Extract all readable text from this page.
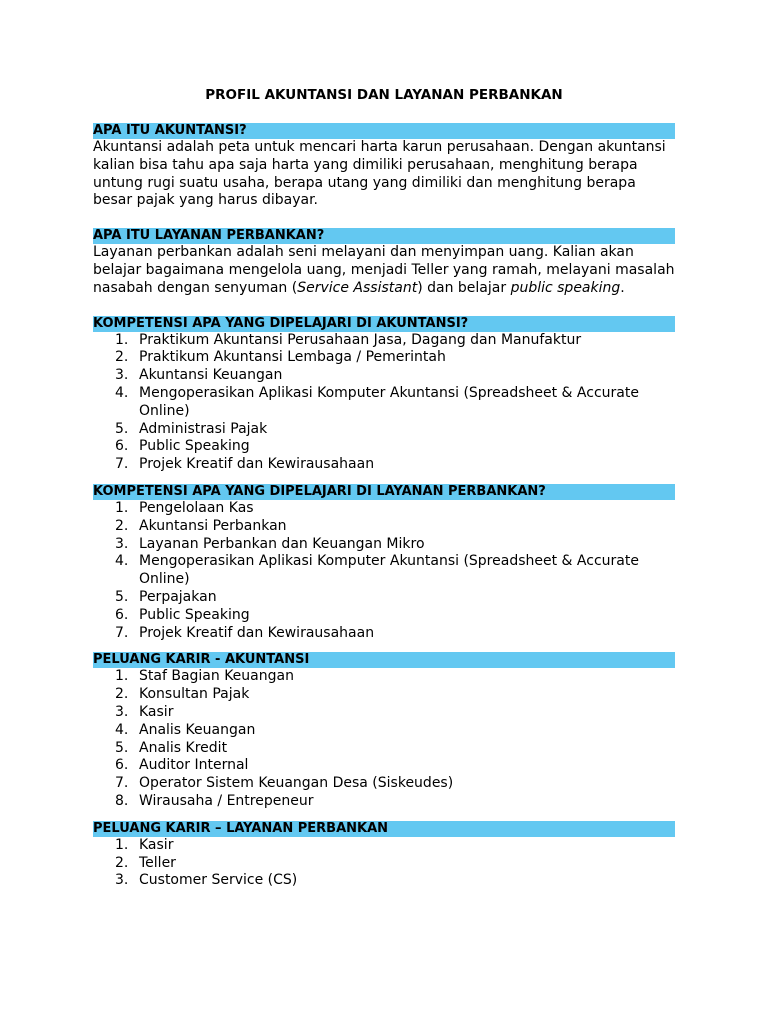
PROFIL AKUNTANSI DAN LAYANAN PERBANKAN
APA ITU AKUNTANSI?

Akuntansi adalah peta untuk mencari harta karun perusahaan. Dengan akuntansi kalian bisa tahu apa saja harta yang dimiliki perusahaan, menghitung berapa untung rugi suatu usaha, berapa utang yang dimiliki dan menghitung berapa besar pajak yang harus dibayar.

APA ITU LAYANAN PERBANKAN?

Layanan perbankan adalah seni melayani dan menyimpan uang. Kalian akan belajar bagaimana mengelola uang, menjadi Teller yang ramah, melayani masalah nasabah dengan senyuman (Service Assistant) dan belajar public speaking.

KOMPETENSI APA YANG DIPELAJARI DI AKUNTANSI?
1. Praktikum Akuntansi Perusahaan Jasa, Dagang dan Manufaktur
2. Praktikum Akuntansi Lembaga / Pemerintah
3. Akuntansi Keuangan
4. Mengoperasikan Aplikasi Komputer Akuntansi (Spreadsheet & Accurate Online)
5. Administrasi Pajak
6. Public Speaking
7. Projek Kreatif dan Kewirausahaan
KOMPETENSI APA YANG DIPELAJARI DI LAYANAN PERBANKAN?
1. Pengelolaan Kas
2. Akuntansi Perbankan
3. Layanan Perbankan dan Keuangan Mikro
4. Mengoperasikan Aplikasi Komputer Akuntansi (Spreadsheet & Accurate Online)
5. Perpajakan
6. Public Speaking
7. Projek Kreatif dan Kewirausahaan
PELUANG KARIR - AKUNTANSI
1. Staf Bagian Keuangan
2. Konsultan Pajak
3. Kasir
4. Analis Keuangan
5. Analis Kredit
6. Auditor Internal
7. Operator Sistem Keuangan Desa (Siskeudes)
8. Wirausaha / Entrepeneur
PELUANG KARIR – LAYANAN PERBANKAN
1. Kasir
2. Teller
3. Customer Service (CS)
